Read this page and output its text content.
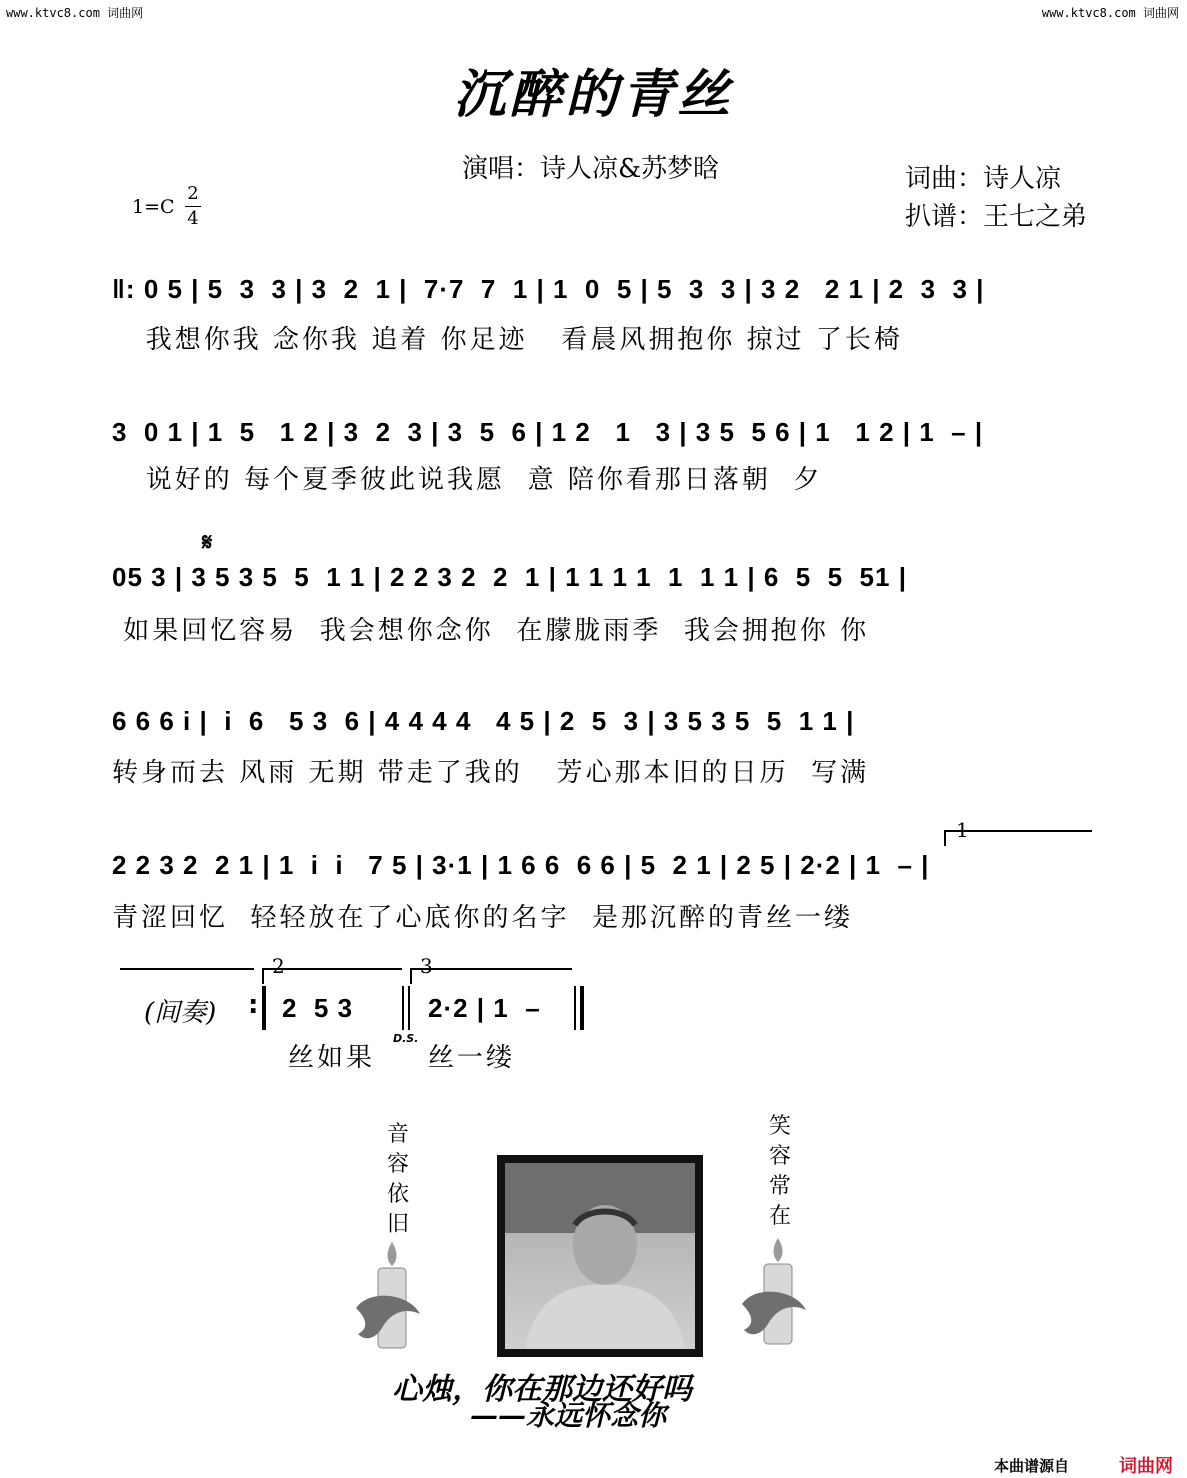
www.ktvc8.com 词曲网	www.ktvc8.com 词曲网
沉醉的青丝
演唱：诗人凉&苏梦晗	词曲：诗人凉
扒谱：王七之弟
1=C
2
4
‖: 0 5 | 5  3  3 | 3  2  1 |  7·7  7  1 | 1  0  5 | 5  3  3 | 3 2   2 1 | 2  3  3 |
我想你我 念你我 追着 你足迹   看晨风拥抱你 掠过 了长椅
3  0 1 | 1  5   1 2 | 3  2  3 | 3  5  6 | 1 2   1   3 | 3 5  5 6 | 1   1 2 | 1  – |
说好的 每个夏季彼此说我愿  意 陪你看那日落朝  夕
𝄋
05 3 | 3 5 3 5  5  1 1 | 2 2 3 2  2  1 | 1 1 1 1  1  1 1 | 6  5  5  51 |
如果回忆容易  我会想你念你  在朦胧雨季  我会拥抱你 你
6 6 6 i |  i  6   5 3  6 | 4 4 4 4   4 5 | 2  5  3 | 3 5 3 5  5  1 1 |
转身而去 风雨 无期 带走了我的   芳心那本旧的日历  写满
1
2 2 3 2  2 1 | 1  i  i   7 5 | 3·1 | 1 6 6  6 6 | 5  2 1 | 2 5 | 2·2 | 1  – |
青涩回忆  轻轻放在了心底你的名字  是那沉醉的青丝一缕
2	3
(间奏) : 2  5 3
D.S.
2·2 | 1  –
丝如果	丝一缕
音
容
依
旧
笑
容
常
在
心烛，你在那边还好吗
——永远怀念你
本曲谱源自	词曲网
